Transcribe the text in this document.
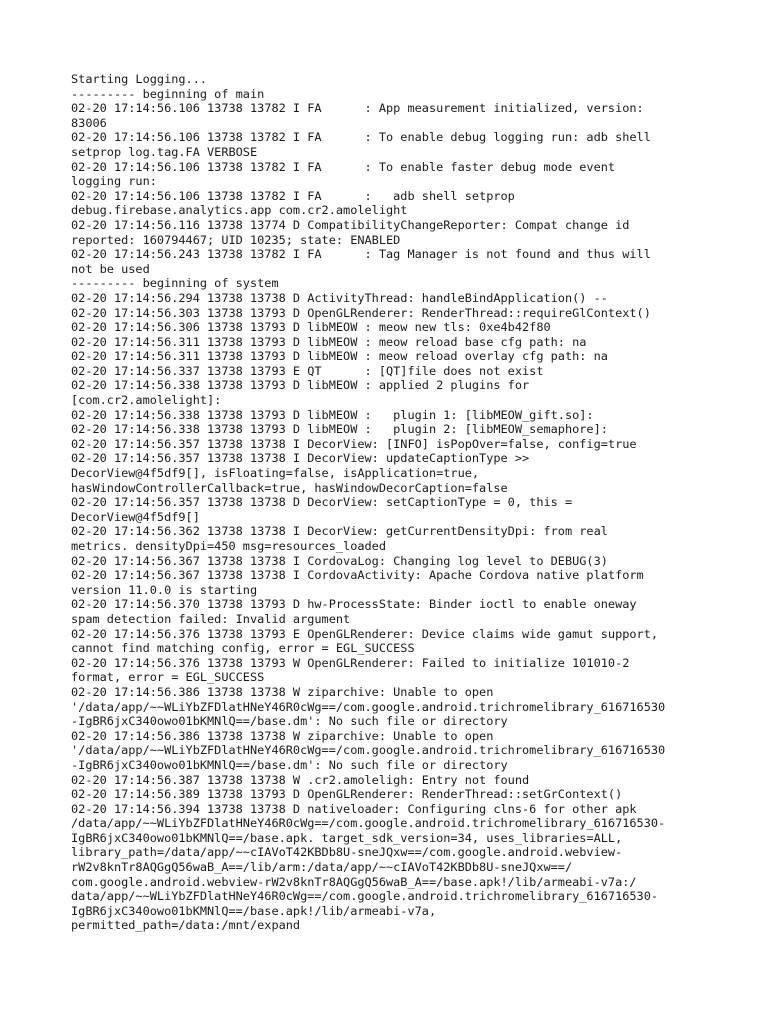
Starting Logging...
--------- beginning of main
02-20 17:14:56.106 13738 13782 I FA      : App measurement initialized, version:
83006
02-20 17:14:56.106 13738 13782 I FA      : To enable debug logging run: adb shell
setprop log.tag.FA VERBOSE
02-20 17:14:56.106 13738 13782 I FA      : To enable faster debug mode event
logging run:
02-20 17:14:56.106 13738 13782 I FA      :   adb shell setprop
debug.firebase.analytics.app com.cr2.amolelight
02-20 17:14:56.116 13738 13774 D CompatibilityChangeReporter: Compat change id
reported: 160794467; UID 10235; state: ENABLED
02-20 17:14:56.243 13738 13782 I FA      : Tag Manager is not found and thus will
not be used
--------- beginning of system
02-20 17:14:56.294 13738 13738 D ActivityThread: handleBindApplication() --
02-20 17:14:56.303 13738 13793 D OpenGLRenderer: RenderThread::requireGlContext()
02-20 17:14:56.306 13738 13793 D libMEOW : meow new tls: 0xe4b42f80
02-20 17:14:56.311 13738 13793 D libMEOW : meow reload base cfg path: na
02-20 17:14:56.311 13738 13793 D libMEOW : meow reload overlay cfg path: na
02-20 17:14:56.337 13738 13793 E QT      : [QT]file does not exist
02-20 17:14:56.338 13738 13793 D libMEOW : applied 2 plugins for
[com.cr2.amolelight]:
02-20 17:14:56.338 13738 13793 D libMEOW :   plugin 1: [libMEOW_gift.so]:
02-20 17:14:56.338 13738 13793 D libMEOW :   plugin 2: [libMEOW_semaphore]:
02-20 17:14:56.357 13738 13738 I DecorView: [INFO] isPopOver=false, config=true
02-20 17:14:56.357 13738 13738 I DecorView: updateCaptionType >>
DecorView@4f5df9[], isFloating=false, isApplication=true,
hasWindowControllerCallback=true, hasWindowDecorCaption=false
02-20 17:14:56.357 13738 13738 D DecorView: setCaptionType = 0, this =
DecorView@4f5df9[]
02-20 17:14:56.362 13738 13738 I DecorView: getCurrentDensityDpi: from real
metrics. densityDpi=450 msg=resources_loaded
02-20 17:14:56.367 13738 13738 I CordovaLog: Changing log level to DEBUG(3)
02-20 17:14:56.367 13738 13738 I CordovaActivity: Apache Cordova native platform
version 11.0.0 is starting
02-20 17:14:56.370 13738 13793 D hw-ProcessState: Binder ioctl to enable oneway
spam detection failed: Invalid argument
02-20 17:14:56.376 13738 13793 E OpenGLRenderer: Device claims wide gamut support,
cannot find matching config, error = EGL_SUCCESS
02-20 17:14:56.376 13738 13793 W OpenGLRenderer: Failed to initialize 101010-2
format, error = EGL_SUCCESS
02-20 17:14:56.386 13738 13738 W ziparchive: Unable to open
'/data/app/~~WLiYbZFDlatHNeY46R0cWg==/com.google.android.trichromelibrary_616716530
-IgBR6jxC340owo01bKMNlQ==/base.dm': No such file or directory
02-20 17:14:56.386 13738 13738 W ziparchive: Unable to open
'/data/app/~~WLiYbZFDlatHNeY46R0cWg==/com.google.android.trichromelibrary_616716530
-IgBR6jxC340owo01bKMNlQ==/base.dm': No such file or directory
02-20 17:14:56.387 13738 13738 W .cr2.amoleligh: Entry not found
02-20 17:14:56.389 13738 13793 D OpenGLRenderer: RenderThread::setGrContext()
02-20 17:14:56.394 13738 13738 D nativeloader: Configuring clns-6 for other apk
/data/app/~~WLiYbZFDlatHNeY46R0cWg==/com.google.android.trichromelibrary_616716530-
IgBR6jxC340owo01bKMNlQ==/base.apk. target_sdk_version=34, uses_libraries=ALL,
library_path=/data/app/~~cIAVoT42KBDb8U-sneJQxw==/com.google.android.webview-
rW2v8knTr8AQGgQ56waB_A==/lib/arm:/data/app/~~cIAVoT42KBDb8U-sneJQxw==/
com.google.android.webview-rW2v8knTr8AQGgQ56waB_A==/base.apk!/lib/armeabi-v7a:/
data/app/~~WLiYbZFDlatHNeY46R0cWg==/com.google.android.trichromelibrary_616716530-
IgBR6jxC340owo01bKMNlQ==/base.apk!/lib/armeabi-v7a,
permitted_path=/data:/mnt/expand
